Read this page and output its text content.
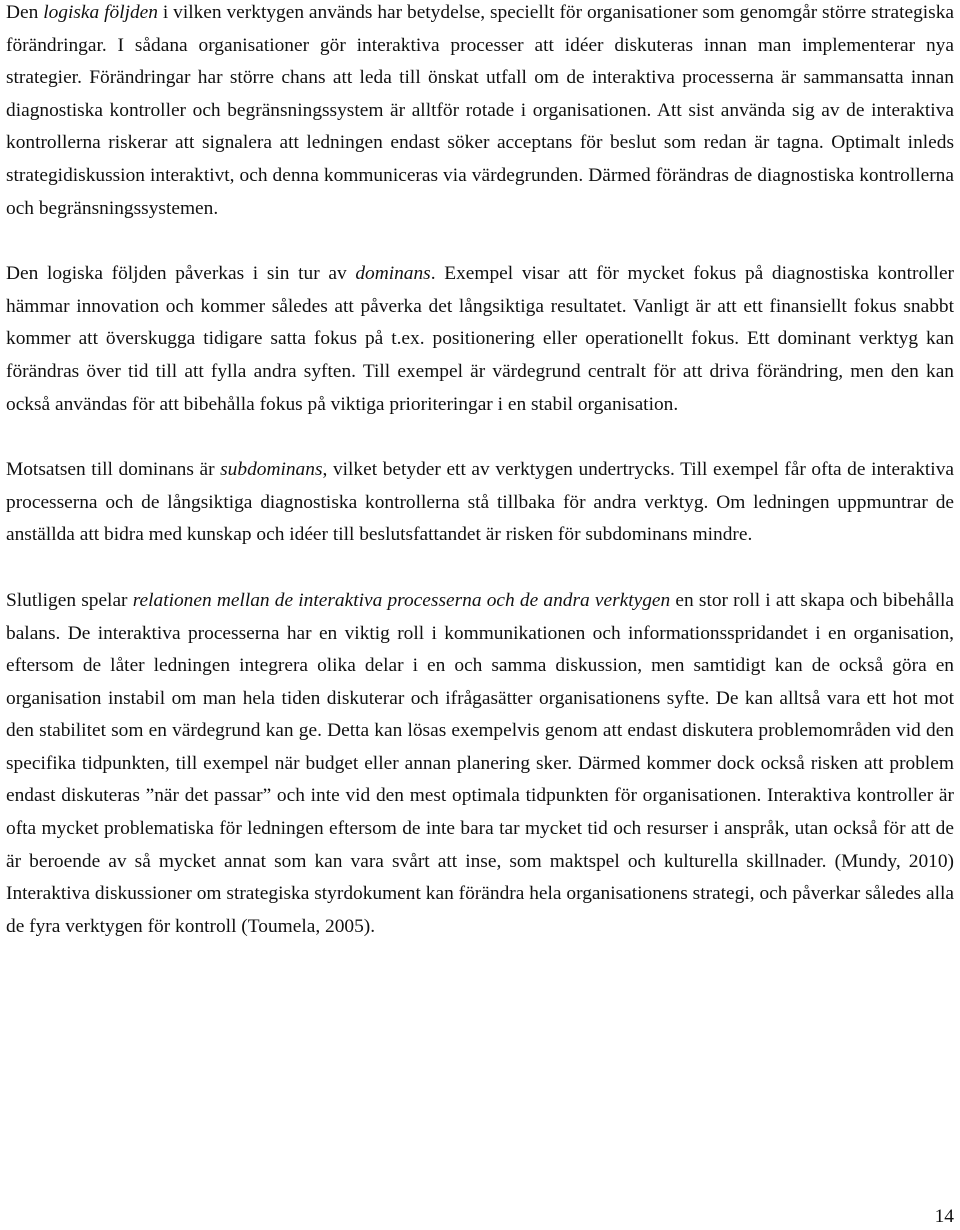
Den logiska följden i vilken verktygen används har betydelse, speciellt för organisationer som genomgår större strategiska förändringar. I sådana organisationer gör interaktiva processer att idéer diskuteras innan man implementerar nya strategier. Förändringar har större chans att leda till önskat utfall om de interaktiva processerna är sammansatta innan diagnostiska kontroller och begränsningssystem är alltför rotade i organisationen. Att sist använda sig av de interaktiva kontrollerna riskerar att signalera att ledningen endast söker acceptans för beslut som redan är tagna. Optimalt inleds strategidiskussion interaktivt, och denna kommuniceras via värdegrunden. Därmed förändras de diagnostiska kontrollerna och begränsningssystemen.

Den logiska följden påverkas i sin tur av dominans. Exempel visar att för mycket fokus på diagnostiska kontroller hämmar innovation och kommer således att påverka det långsiktiga resultatet. Vanligt är att ett finansiellt fokus snabbt kommer att överskugga tidigare satta fokus på t.ex. positionering eller operationellt fokus. Ett dominant verktyg kan förändras över tid till att fylla andra syften. Till exempel är värdegrund centralt för att driva förändring, men den kan också användas för att bibehålla fokus på viktiga prioriteringar i en stabil organisation.

Motsatsen till dominans är subdominans, vilket betyder ett av verktygen undertrycks. Till exempel får ofta de interaktiva processerna och de långsiktiga diagnostiska kontrollerna stå tillbaka för andra verktyg. Om ledningen uppmuntrar de anställda att bidra med kunskap och idéer till beslutsfattandet är risken för subdominans mindre.

Slutligen spelar relationen mellan de interaktiva processerna och de andra verktygen en stor roll i att skapa och bibehålla balans. De interaktiva processerna har en viktig roll i kommunikationen och informationsspridandet i en organisation, eftersom de låter ledningen integrera olika delar i en och samma diskussion, men samtidigt kan de också göra en organisation instabil om man hela tiden diskuterar och ifrågasätter organisationens syfte. De kan alltså vara ett hot mot den stabilitet som en värdegrund kan ge. Detta kan lösas exempelvis genom att endast diskutera problemområden vid den specifika tidpunkten, till exempel när budget eller annan planering sker. Därmed kommer dock också risken att problem endast diskuteras ”när det passar” och inte vid den mest optimala tidpunkten för organisationen. Interaktiva kontroller är ofta mycket problematiska för ledningen eftersom de inte bara tar mycket tid och resurser i anspråk, utan också för att de är beroende av så mycket annat som kan vara svårt att inse, som maktspel och kulturella skillnader. (Mundy, 2010) Interaktiva diskussioner om strategiska styrdokument kan förändra hela organisationens strategi, och påverkar således alla de fyra verktygen för kontroll (Toumela, 2005).

14
